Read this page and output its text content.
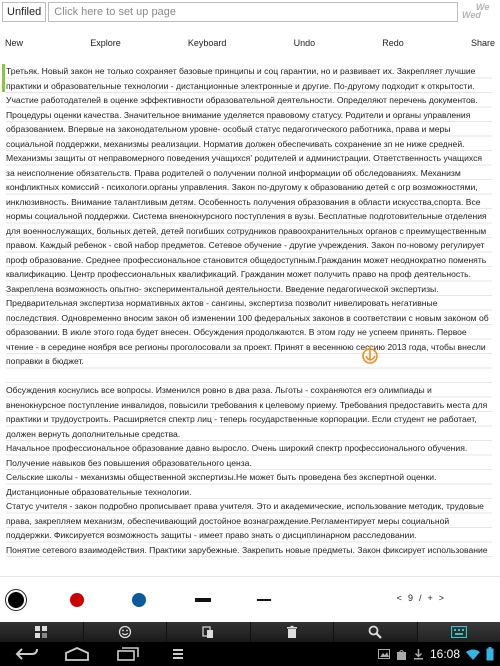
Unfiled	Click here to set up page	We
Wed
New	Explore	Keyboard	Undo	Redo	Share

Третьяк. Новый закон не только сохраняет базовые принципы и соц гарантии, но и развивает их. Закрепляет лучшие практики и образовательные технологии - дистанционные электронные и другие. По-другому подходит к открытости. Участие работодателей в оценке эффективности образовательной деятельности. Определяют перечень документов. Процедуры оценки качества. Значительное внимание уделяется правовому статусу. Родители и органы управления образованием. Впервые на законодательном уровне- особый статус педагогического работника, права и меры социальной поддержки, механизмы реализации. Норматив должен обеспечивать сохранение зп не ниже средней. Механизмы защиты от неправомерного поведения учащихся' родителей и администрации. Ответственность учащихся за неисполнение обязательств. Права родителей о получении полной информации об обследованиях. Механизм конфликтных комиссий - психологи.органы управления. Закон по-другому к образованию детей с огр возможностями, инклюзивность. Внимание талантливым детям. Особенность получения образования в области искусства,спорта. Все нормы социальной поддержки. Система вненокнурсного поступления в вузы. Бесплатные подготовительные отделения для военнослужащих, больных детей, детей погибших сотрудников правоохранительных органов с преимущественным правом. Каждый ребенок - свой набор предметов. Сетевое обучение - другие учреждения. Закон по-новому регулирует проф образование. Среднее профессиональное становится общедоступным.Гражданин может неоднократно поменять квалификацию. Центр профессиональных квалификаций. Гражданин может получить право на проф деятельность. Закреплена возможность опытно- экспериментальной деятельности. Введение педагогической экспертизы. Предварительная экспертиза нормативных актов - сангины, экспертиза позволит нивелировать негативные последствия. Одновременно вносим закон об изменении 100 федеральных законов в соответствии с новым законом об образовании. В июле этого года будет внесен. Обсуждения продолжаются. В этом году не успеем принять. Первое чтение - в середине ноября все регионы проголосовали за проект. Принят в весеннюю сессию 2013 года, чтобы внесли поправки в бюджет.

Обсуждения коснулись все вопросы. Изменился ровно в два раза. Льготы - сохраняются егэ олимпиады и вненокнурсное поступление инвалидов, повысили требования к целевому приему. Требования предоставить места для практики и трудоустроить. Расширяется спектр лиц - теперь государственные корпорации. Если студент не работает, должен вернуть дополнительные средства.

Начальное профессиональное образование давно выросло. Очень широкий спектр профессионального обучения. Получение навыков без повышения образовательного ценза.

Сельские школы - механизмы общественной экспертизы.Не может быть проведена без экспертной оценки. Дистанционные образовательные технологии.

Статус учителя - закон подробно прописывает права учителя. Это и академические, использование методик, трудовые права, закрепляем механизм, обеспечивающий достойное вознаграждение.Регламентирует меры социальной поддержки. Фиксируется возможность защиты - имеет право знать о дисциплинарном расследовании.

Понятие сетевого взаимодействия. Практики зарубежные. Закрепить новые предметы. Закон фиксирует использование

< 9 / + >
16:08
